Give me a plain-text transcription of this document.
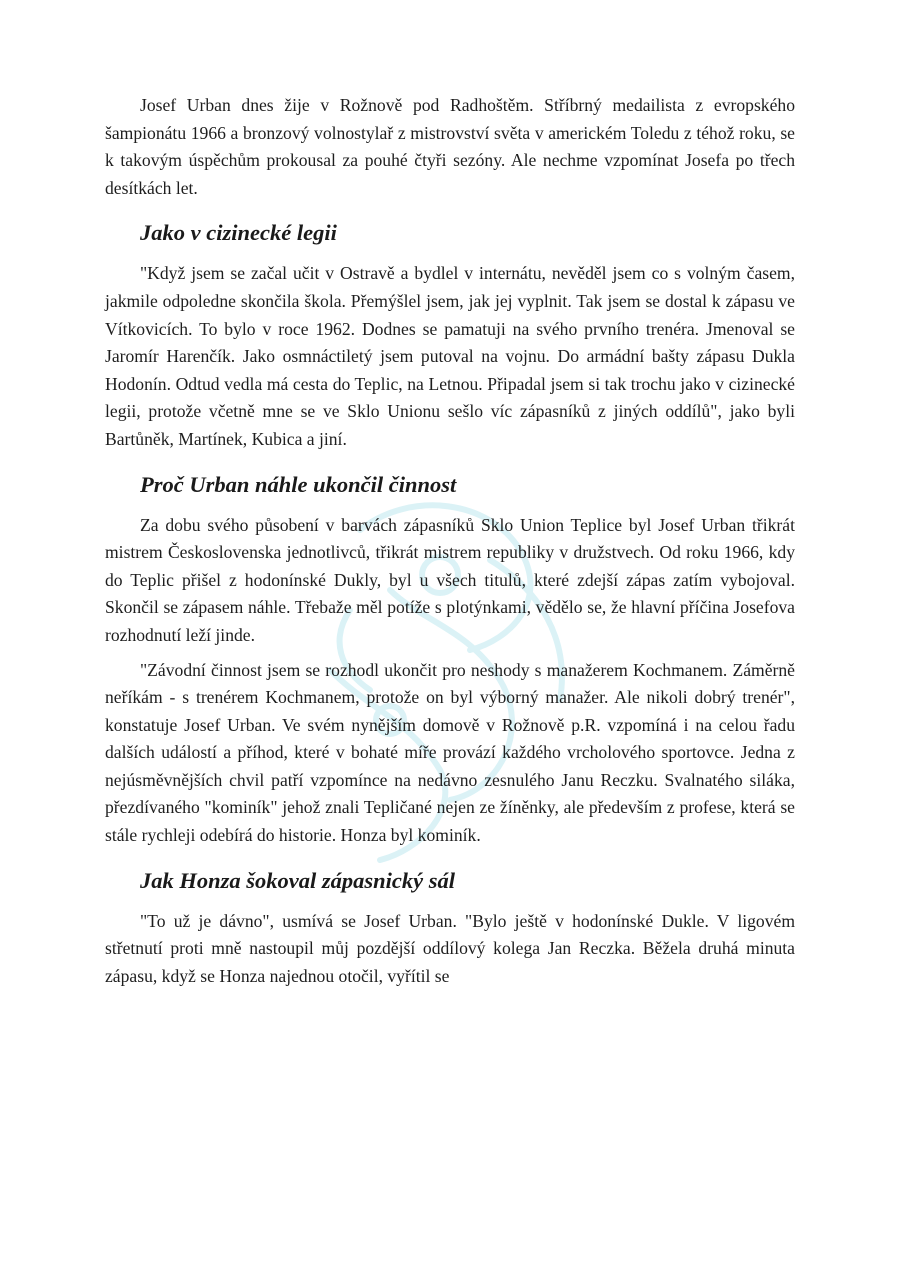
Josef Urban dnes žije v Rožnově pod Radhoštěm. Stříbrný medailista z evropského šampionátu 1966 a bronzový volnostylař z mistrovství světa v americkém Toledu z téhož roku, se k takovým úspěchům prokousal za pouhé čtyři sezóny. Ale nechme vzpomínat Josefa po třech desítkách let.

Jako v cizinecké legii

"Když jsem se začal učit v Ostravě a bydlel v internátu, nevěděl jsem co s volným časem, jakmile odpoledne skončila škola. Přemýšlel jsem, jak jej vyplnit. Tak jsem se dostal k zápasu ve Vítkovicích. To bylo v roce 1962. Dodnes se pamatuji na svého prvního trenéra. Jmenoval se Jaromír Harenčík. Jako osmnáctiletý jsem putoval na vojnu. Do armádní bašty zápasu Dukla Hodonín. Odtud vedla má cesta do Teplic, na Letnou. Připadal jsem si tak trochu jako v cizinecké legii, protože včetně mne se ve Sklo Unionu sešlo víc zápasníků z jiných oddílů", jako byli Bartůněk, Martínek, Kubica a jiní.

Proč Urban náhle ukončil činnost

Za dobu svého působení v barvách zápasníků Sklo Union Teplice byl Josef Urban třikrát mistrem Československa jednotlivců, třikrát mistrem republiky v družstvech. Od roku 1966, kdy do Teplic přišel z hodonínské Dukly, byl u všech titulů, které zdejší zápas zatím vybojoval. Skončil se zápasem náhle. Třebaže měl potíže s plotýnkami, vědělo se, že hlavní příčina Josefova rozhodnutí leží jinde.

"Závodní činnost jsem se rozhodl ukončit pro neshody s manažerem Kochmanem. Záměrně neříkám - s trenérem Kochmanem, protože on byl výborný manažer. Ale nikoli dobrý trenér", konstatuje Josef Urban. Ve svém nynějším domově v Rožnově p.R. vzpomíná i na celou řadu dalších událostí a příhod, které v bohaté míře provází každého vrcholového sportovce. Jedna z nejúsměvnějších chvil patří vzpomínce na nedávno zesnulého Janu Reczku. Svalnatého siláka, přezdívaného "kominík" jehož znali Tepličané nejen ze žíněnky, ale především z profese, která se stále rychleji odebírá do historie. Honza byl kominík.

Jak Honza šokoval zápasnický sál

"To už je dávno", usmívá se Josef Urban. "Bylo ještě v hodonínské Dukle. V ligovém střetnutí proti mně nastoupil můj pozdější oddílový kolega Jan Reczka. Běžela druhá minuta zápasu, když se Honza najednou otočil, vyřítil se
